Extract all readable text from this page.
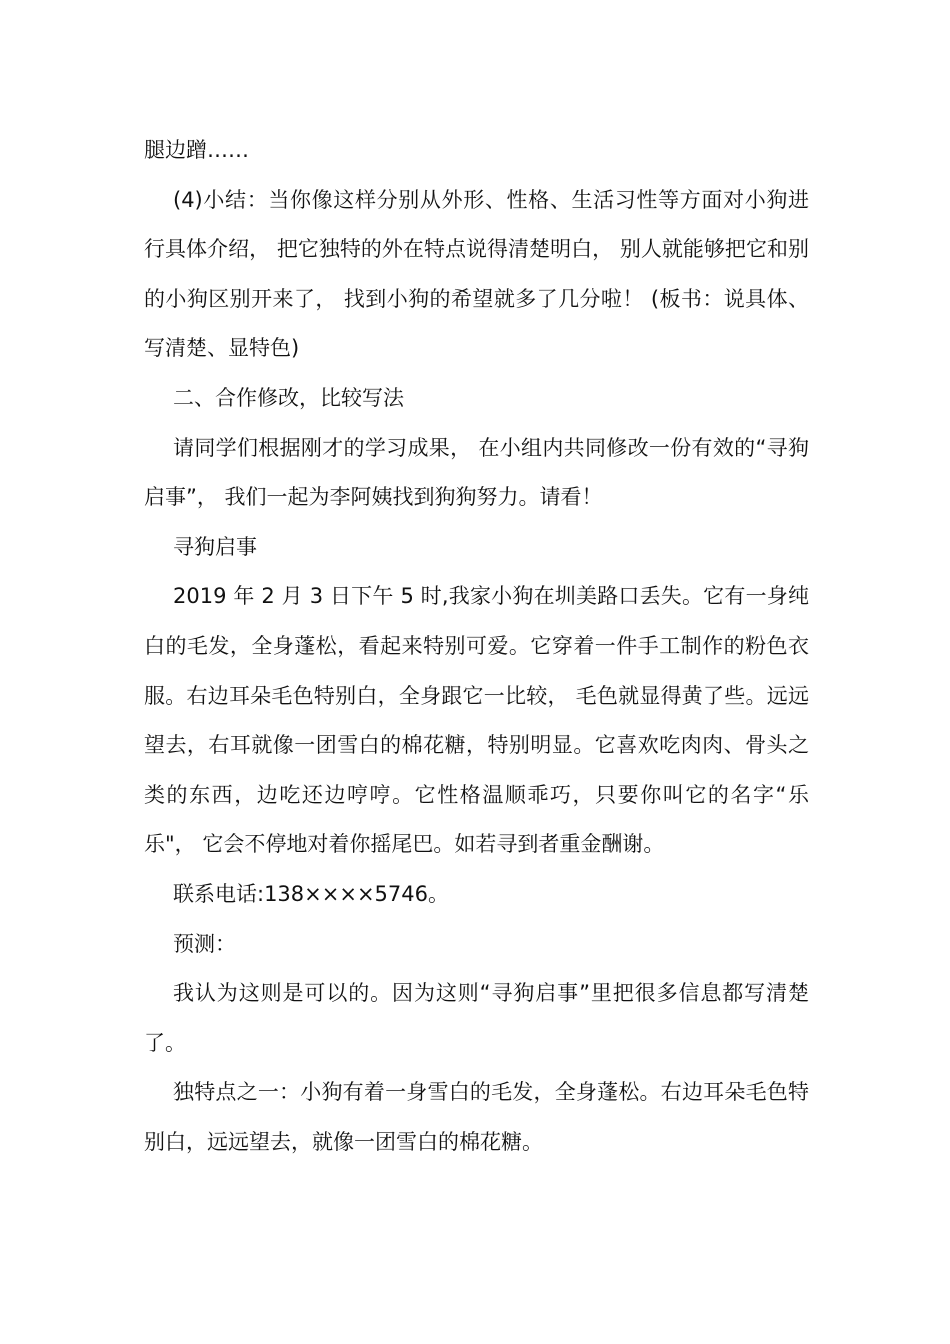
腿边蹭……

(4)小结：当你像这样分别从外形、性格、生活习性等方面对小狗进行具体介绍， 把它独特的外在特点说得清楚明白， 别人就能够把它和别的小狗区别开来了， 找到小狗的希望就多了几分啦！ (板书：说具体、写清楚、显特色)

二、合作修改，比较写法

请同学们根据刚才的学习成果， 在小组内共同修改一份有效的“寻狗启事”， 我们一起为李阿姨找到狗狗努力。请看！

寻狗启事

2019 年 2 月 3 日下午 5 时,我家小狗在圳美路口丢失。它有一身纯白的毛发，全身蓬松，看起来特别可爱。它穿着一件手工制作的粉色衣服。右边耳朵毛色特别白，全身跟它一比较， 毛色就显得黄了些。远远望去，右耳就像一团雪白的棉花糖，特别明显。它喜欢吃肉肉、骨头之类的东西，边吃还边哼哼。它性格温顺乖巧，只要你叫它的名字“乐乐"， 它会不停地对着你摇尾巴。如若寻到者重金酬谢。

联系电话:138××××5746。

预测：

我认为这则是可以的。因为这则“寻狗启事”里把很多信息都写清楚了。

独特点之一：小狗有着一身雪白的毛发，全身蓬松。右边耳朵毛色特别白，远远望去，就像一团雪白的棉花糖。
